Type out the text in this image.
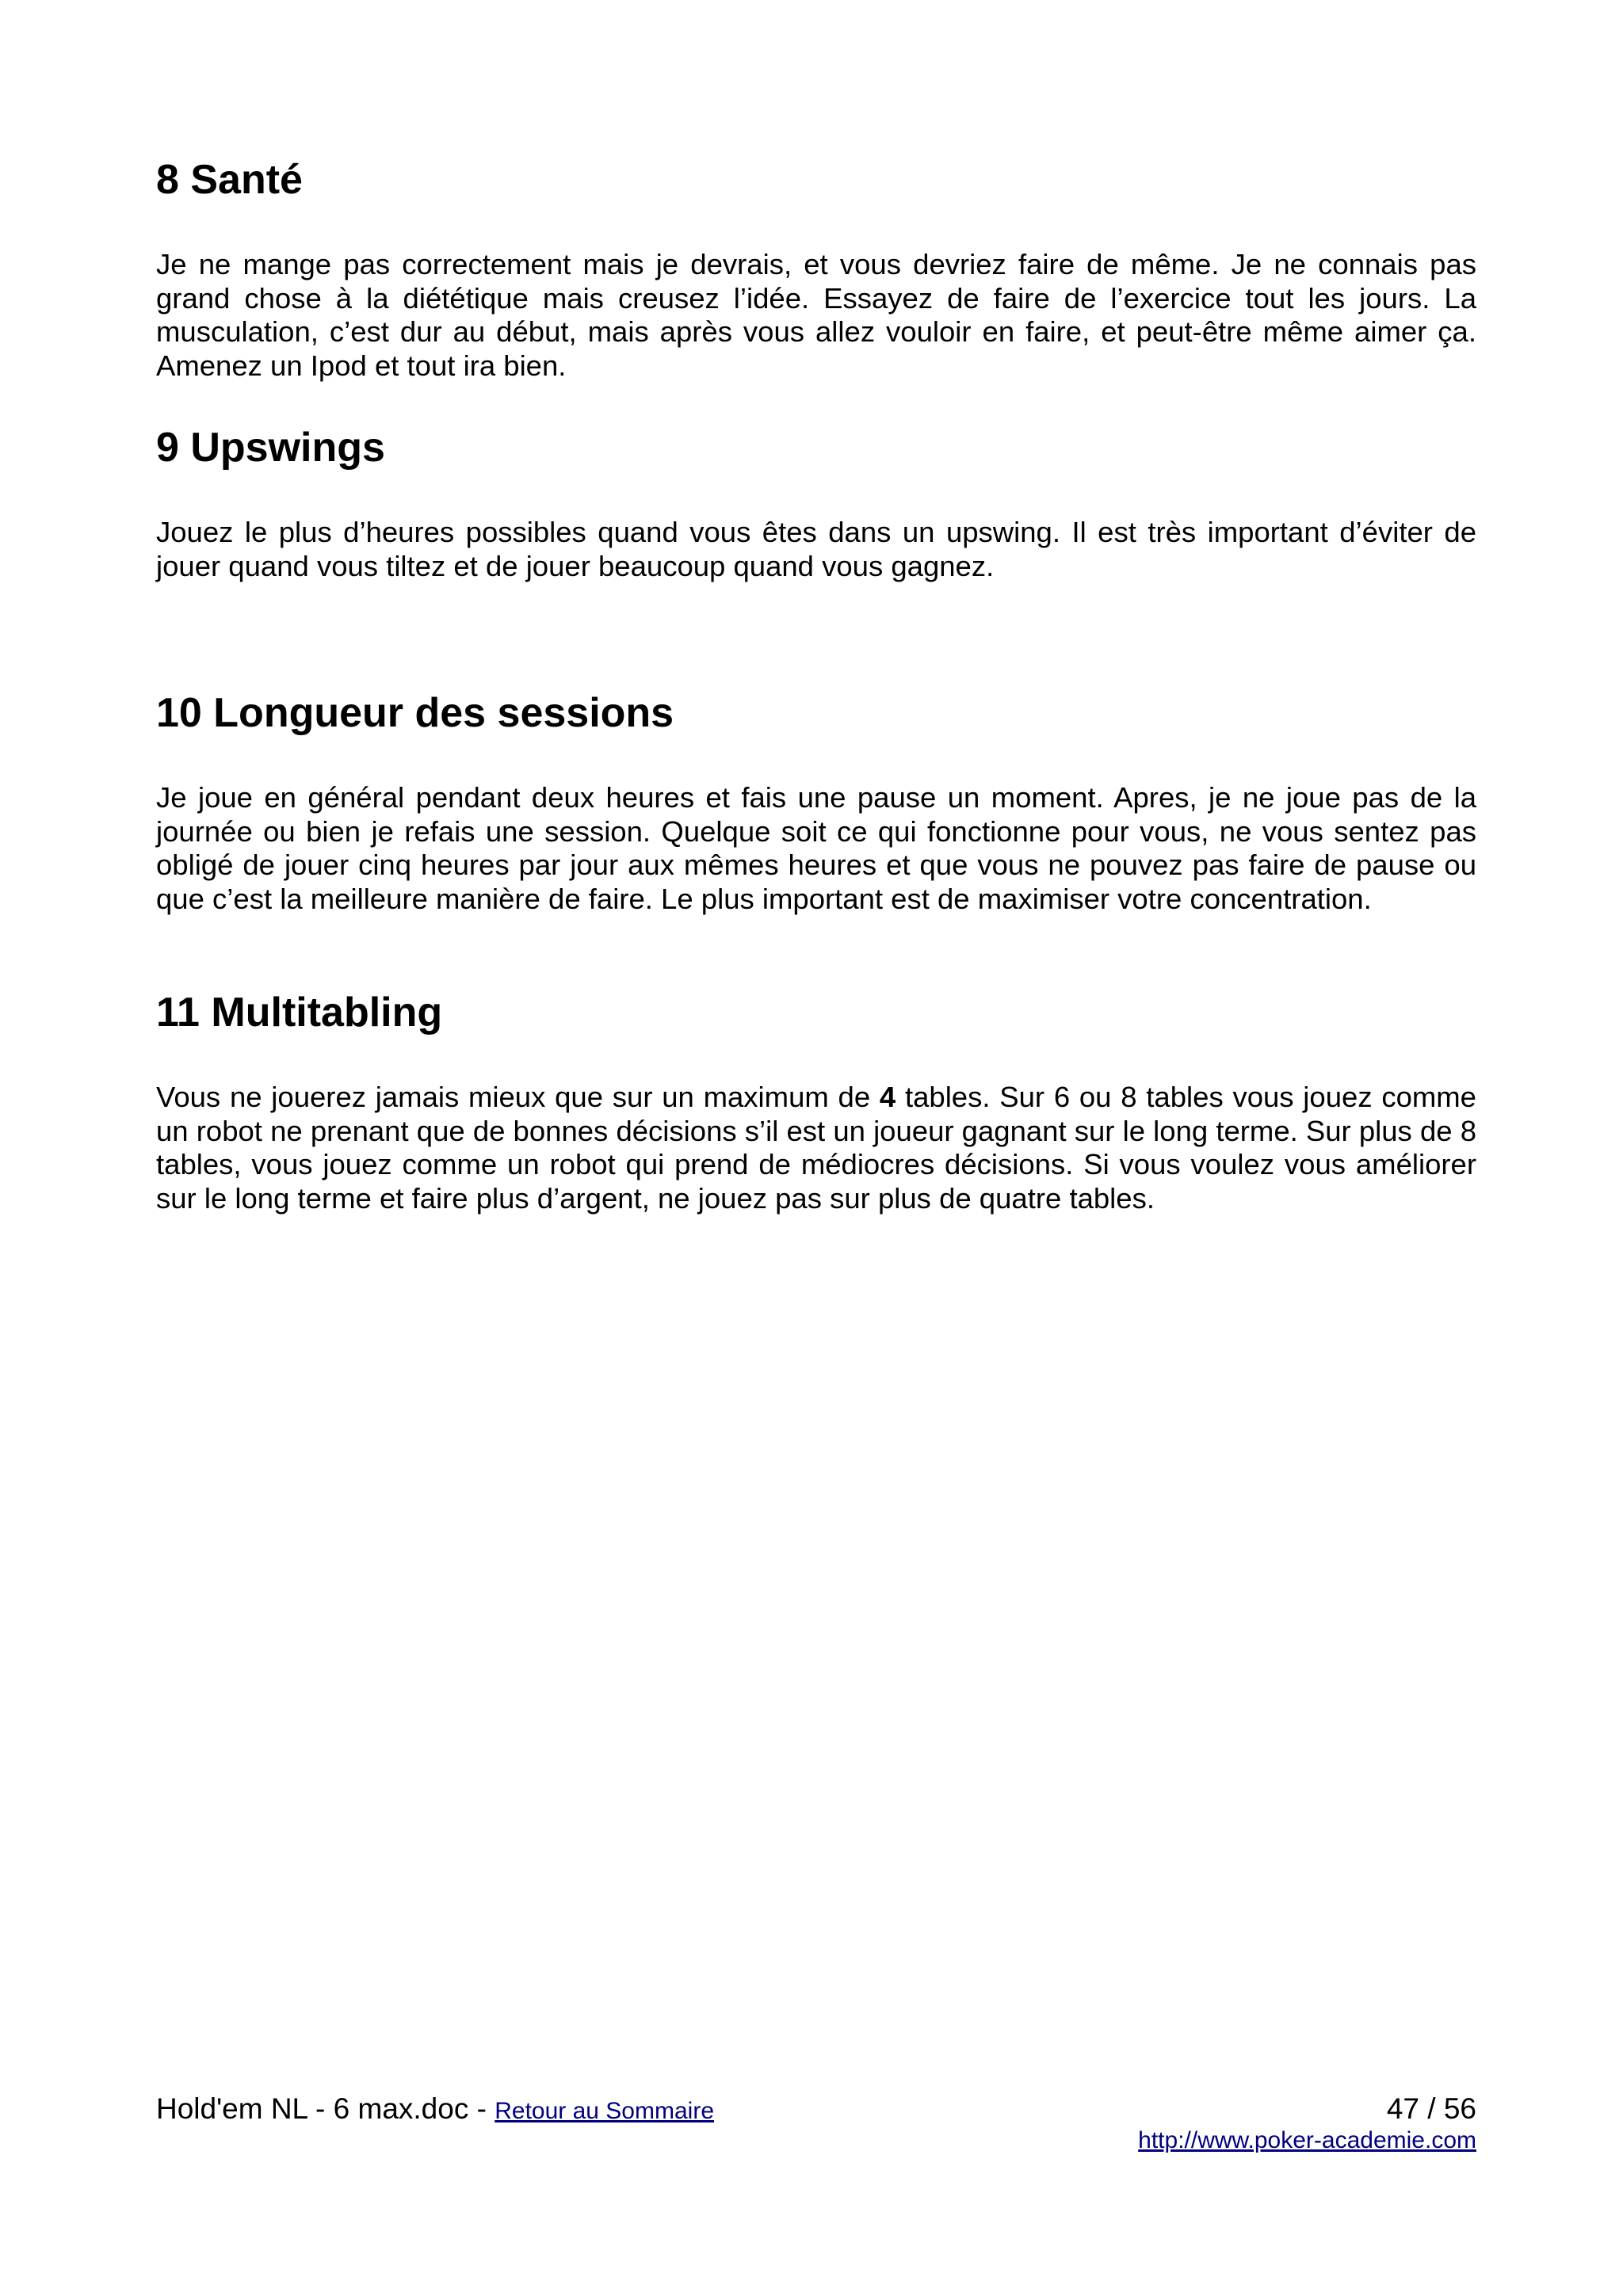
8 Santé

Je ne mange pas correctement mais je devrais, et vous devriez faire de même. Je ne connais pas grand chose à la diététique mais creusez l’idée. Essayez de faire de l’exercice tout les jours. La musculation, c’est dur au début, mais après vous allez vouloir en faire, et peut-être même aimer ça. Amenez un Ipod et tout ira bien.

9 Upswings

Jouez le plus d’heures possibles quand vous êtes dans un upswing. Il est très important d’éviter de jouer quand vous tiltez et de jouer beaucoup quand vous gagnez.

10 Longueur des sessions

Je joue en général pendant deux heures et fais une pause un moment. Apres, je ne joue pas de la journée ou bien je refais une session. Quelque soit ce qui fonctionne pour vous, ne vous sentez pas obligé de jouer cinq heures par jour aux mêmes heures et que vous ne pouvez pas faire de pause ou que c’est la meilleure manière de faire. Le plus important est de maximiser votre concentration.

11 Multitabling

Vous ne jouerez jamais mieux que sur un maximum de 4 tables. Sur 6 ou 8 tables vous jouez comme un robot ne prenant que de bonnes décisions s’il est un joueur gagnant sur le long terme. Sur plus de 8 tables, vous jouez comme un robot qui prend de médiocres décisions. Si vous voulez vous améliorer sur le long terme et faire plus d’argent, ne jouez pas sur plus de quatre tables.

Hold'em NL - 6 max.doc - Retour au Sommaire	47 / 56
http://www.poker-academie.com
